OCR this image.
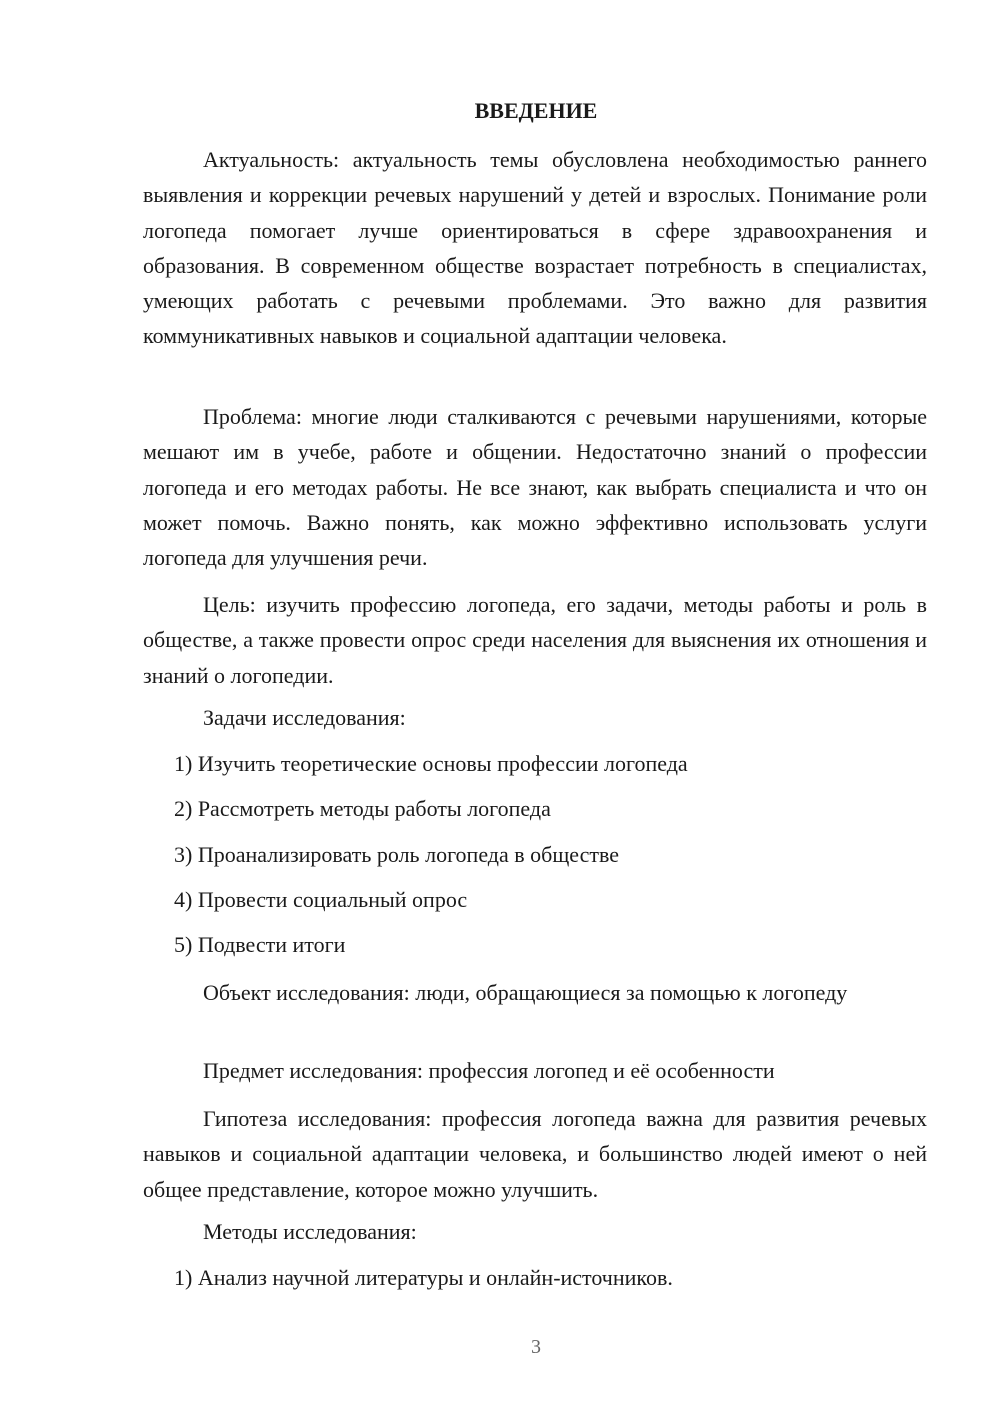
ВВЕДЕНИЕ

Актуальность: актуальность темы обусловлена необходимостью раннего выявления и коррекции речевых нарушений у детей и взрослых. Понимание роли логопеда помогает лучше ориентироваться в сфере здравоохранения и образования. В современном обществе возрастает потребность в специалистах, умеющих работать с речевыми проблемами. Это важно для развития коммуникативных навыков и социальной адаптации человека.

Проблема: многие люди сталкиваются с речевыми нарушениями, которые мешают им в учебе, работе и общении. Недостаточно знаний о профессии логопеда и его методах работы. Не все знают, как выбрать специалиста и что он может помочь. Важно понять, как можно эффективно использовать услуги логопеда для улучшения речи.

Цель: изучить профессию логопеда, его задачи, методы работы и роль в обществе, а также провести опрос среди населения для выяснения их отношения и знаний о логопедии.

Задачи исследования:

1) Изучить теоретические основы профессии логопеда

2) Рассмотреть методы работы логопеда

3) Проанализировать роль логопеда в обществе

4) Провести социальный опрос

5) Подвести итоги

Объект исследования: люди, обращающиеся за помощью к логопеду

Предмет исследования: профессия логопед и её особенности

Гипотеза исследования: профессия логопеда важна для развития речевых навыков и социальной адаптации человека, и большинство людей имеют о ней общее представление, которое можно улучшить.

Методы исследования:

1) Анализ научной литературы и онлайн-источников.

3
